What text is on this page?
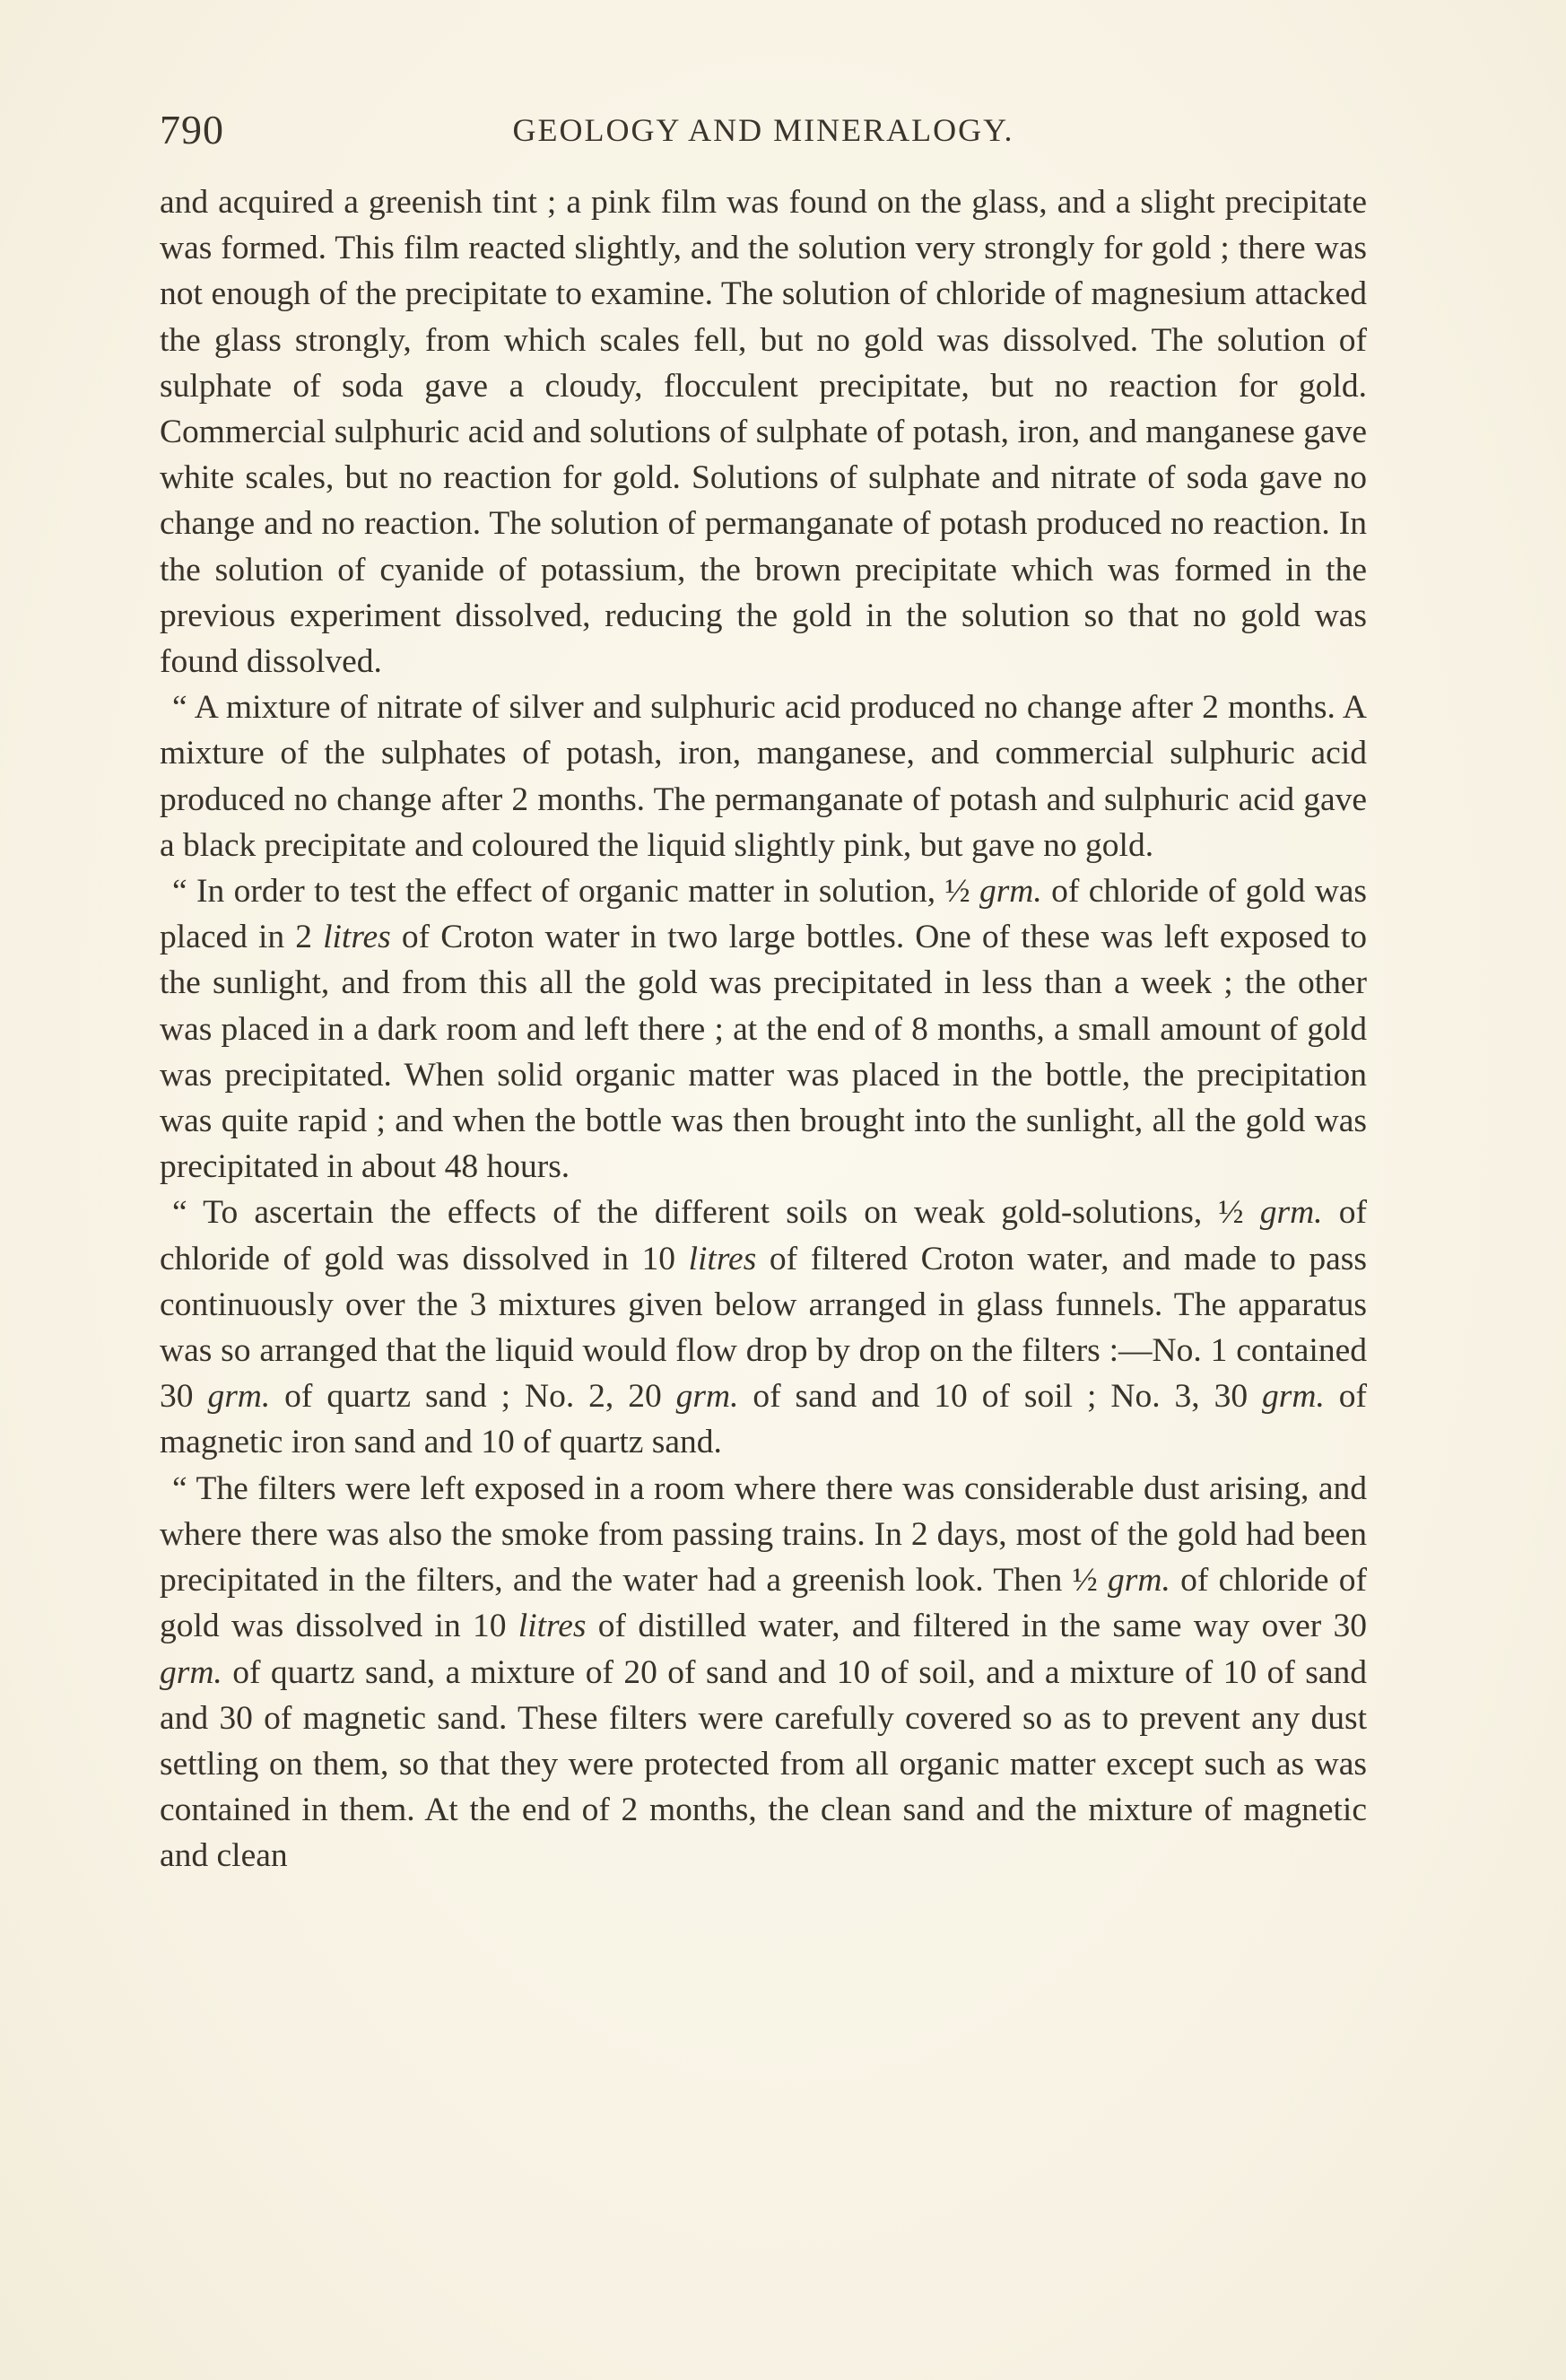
790	GEOLOGY AND MINERALOGY.

and acquired a greenish tint ; a pink film was found on the glass, and a slight precipitate was formed. This film reacted slightly, and the solution very strongly for gold ; there was not enough of the precipitate to examine. The solution of chloride of magnesium attacked the glass strongly, from which scales fell, but no gold was dissolved. The solution of sulphate of soda gave a cloudy, flocculent precipitate, but no reaction for gold. Commercial sulphuric acid and solutions of sulphate of potash, iron, and manganese gave white scales, but no reaction for gold. Solutions of sulphate and nitrate of soda gave no change and no reaction. The solution of permanganate of potash produced no reaction. In the solution of cyanide of potassium, the brown precipitate which was formed in the previous experiment dissolved, reducing the gold in the solution so that no gold was found dissolved.

“ A mixture of nitrate of silver and sulphuric acid produced no change after 2 months. A mixture of the sulphates of potash, iron, manganese, and commercial sulphuric acid produced no change after 2 months. The permanganate of potash and sulphuric acid gave a black precipitate and coloured the liquid slightly pink, but gave no gold.

“ In order to test the effect of organic matter in solution, ½ grm. of chloride of gold was placed in 2 litres of Croton water in two large bottles. One of these was left exposed to the sunlight, and from this all the gold was precipitated in less than a week ; the other was placed in a dark room and left there ; at the end of 8 months, a small amount of gold was precipitated. When solid organic matter was placed in the bottle, the precipitation was quite rapid ; and when the bottle was then brought into the sunlight, all the gold was precipitated in about 48 hours.

“ To ascertain the effects of the different soils on weak gold-solutions, ½ grm. of chloride of gold was dissolved in 10 litres of filtered Croton water, and made to pass continuously over the 3 mixtures given below arranged in glass funnels. The apparatus was so arranged that the liquid would flow drop by drop on the filters :—No. 1 contained 30 grm. of quartz sand ; No. 2, 20 grm. of sand and 10 of soil ; No. 3, 30 grm. of magnetic iron sand and 10 of quartz sand.

“ The filters were left exposed in a room where there was considerable dust arising, and where there was also the smoke from passing trains. In 2 days, most of the gold had been precipitated in the filters, and the water had a greenish look. Then ½ grm. of chloride of gold was dissolved in 10 litres of distilled water, and filtered in the same way over 30 grm. of quartz sand, a mixture of 20 of sand and 10 of soil, and a mixture of 10 of sand and 30 of magnetic sand. These filters were carefully covered so as to prevent any dust settling on them, so that they were protected from all organic matter except such as was contained in them. At the end of 2 months, the clean sand and the mixture of magnetic and clean
